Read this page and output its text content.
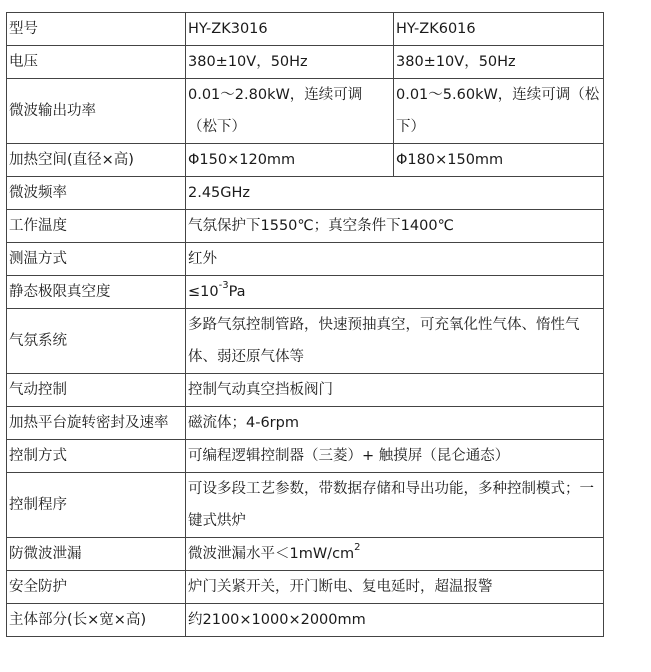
型号	HY-ZK3016	HY-ZK6016
电压	380±10V，50Hz	380±10V，50Hz
微波输出功率	0.01～2.80kW，连续可调（松下）	0.01～5.60kW，连续可调（松下）
加热空间(直径×高)	Φ150×120mm	Φ180×150mm
微波频率	2.45GHz	
工作温度	气氛保护下1550℃；真空条件下1400℃	
测温方式	红外	
静态极限真空度	$\le 10^{-3}Pa$	
气氛系统	多路气氛控制管路，快速预抽真空，可充氧化性气体、惰性气体、弱还原气体等	
气动控制	控制气动真空挡板阀门	
加热平台旋转密封及速率	磁流体；4-6rpm	
控制方式	可编程逻辑控制器（三菱）+ 触摸屏（昆仑通态）	
控制程序	可设多段工艺参数，带数据存储和导出功能，多种控制模式；一键式烘炉	
防微波泄漏	微波泄漏水平$<1mW/cm^2$
安全防护	炉门关紧开关，开门断电、复电延时，超温报警	
主体部分(长×宽×高)	约2100×1000×2000mm	
